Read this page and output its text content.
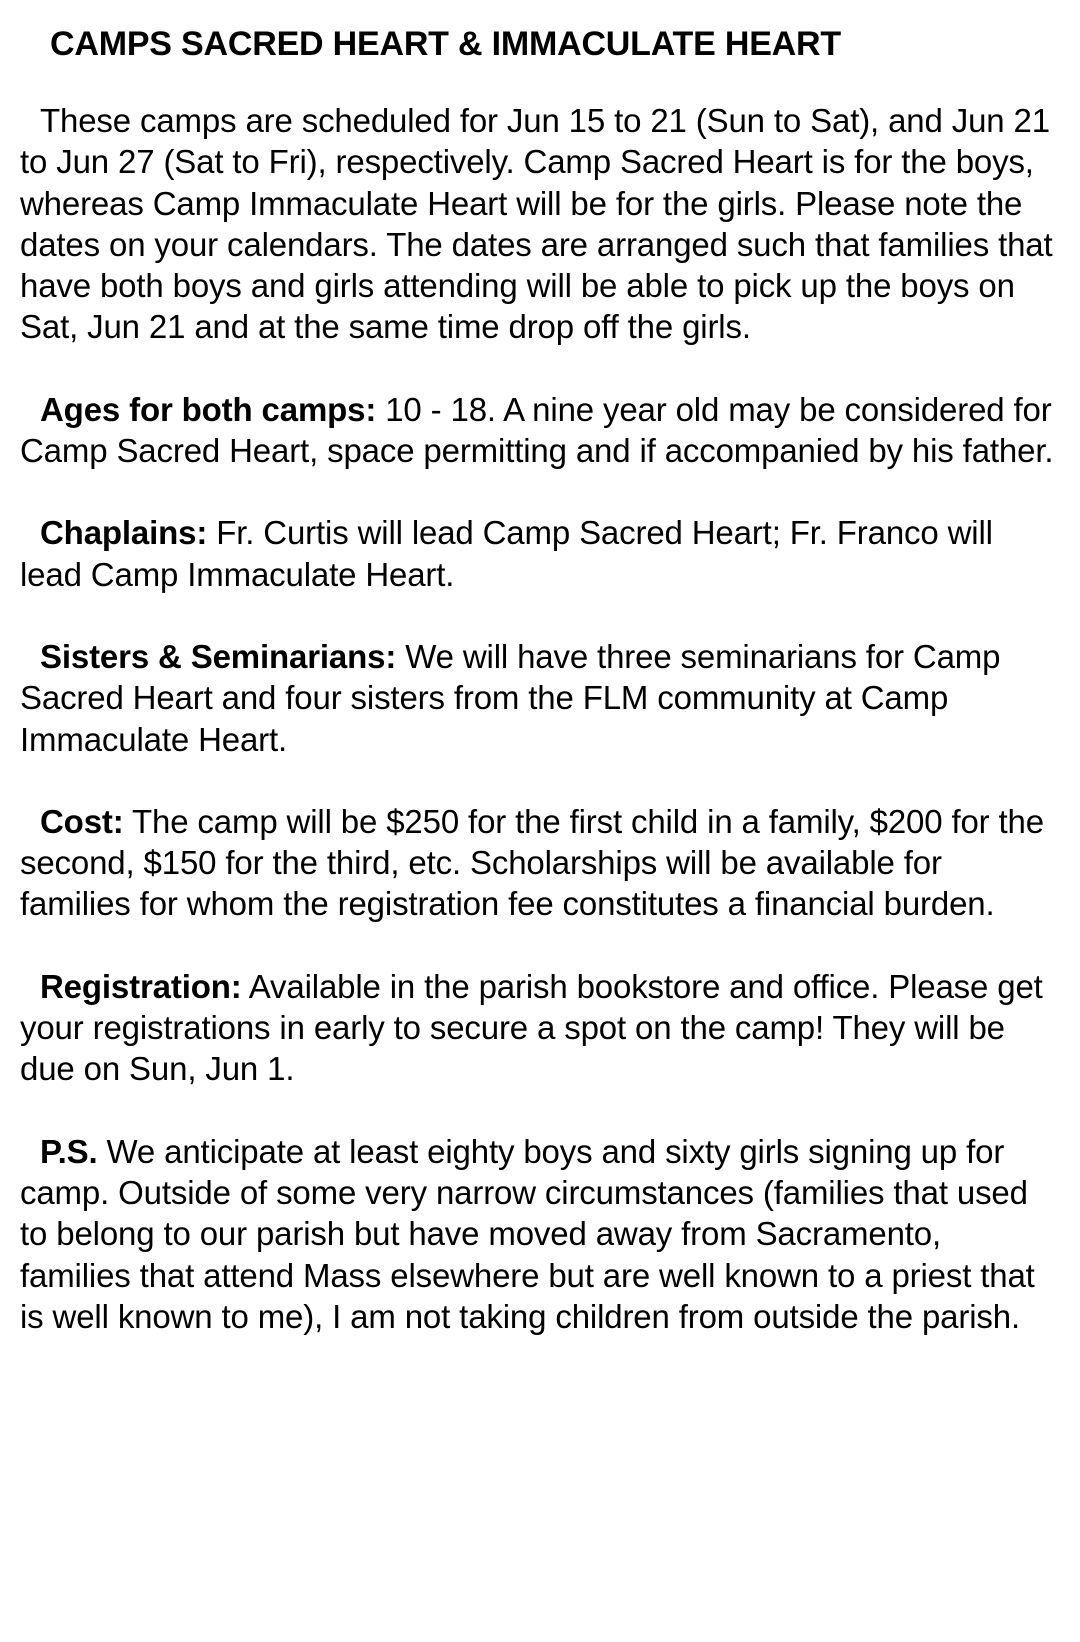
CAMPS SACRED HEART & IMMACULATE HEART

These camps are scheduled for Jun 15 to 21 (Sun to Sat), and Jun 21 to Jun 27 (Sat to Fri), respectively. Camp Sacred Heart is for the boys, whereas Camp Immaculate Heart will be for the girls. Please note the dates on your calendars. The dates are arranged such that families that have both boys and girls attending will be able to pick up the boys on Sat, Jun 21 and at the same time drop off the girls.

Ages for both camps: 10 - 18. A nine year old may be considered for Camp Sacred Heart, space permitting and if accompanied by his father.

Chaplains: Fr. Curtis will lead Camp Sacred Heart; Fr. Franco will lead Camp Immaculate Heart.

Sisters & Seminarians: We will have three seminarians for Camp Sacred Heart and four sisters from the FLM community at Camp Immaculate Heart.

Cost: The camp will be $250 for the first child in a family, $200 for the second, $150 for the third, etc. Scholarships will be available for families for whom the registration fee constitutes a financial burden.

Registration: Available in the parish bookstore and office. Please get your registrations in early to secure a spot on the camp! They will be due on Sun, Jun 1.

P.S. We anticipate at least eighty boys and sixty girls signing up for camp. Outside of some very narrow circumstances (families that used to belong to our parish but have moved away from Sacramento, families that attend Mass elsewhere but are well known to a priest that is well known to me), I am not taking children from outside the parish.
